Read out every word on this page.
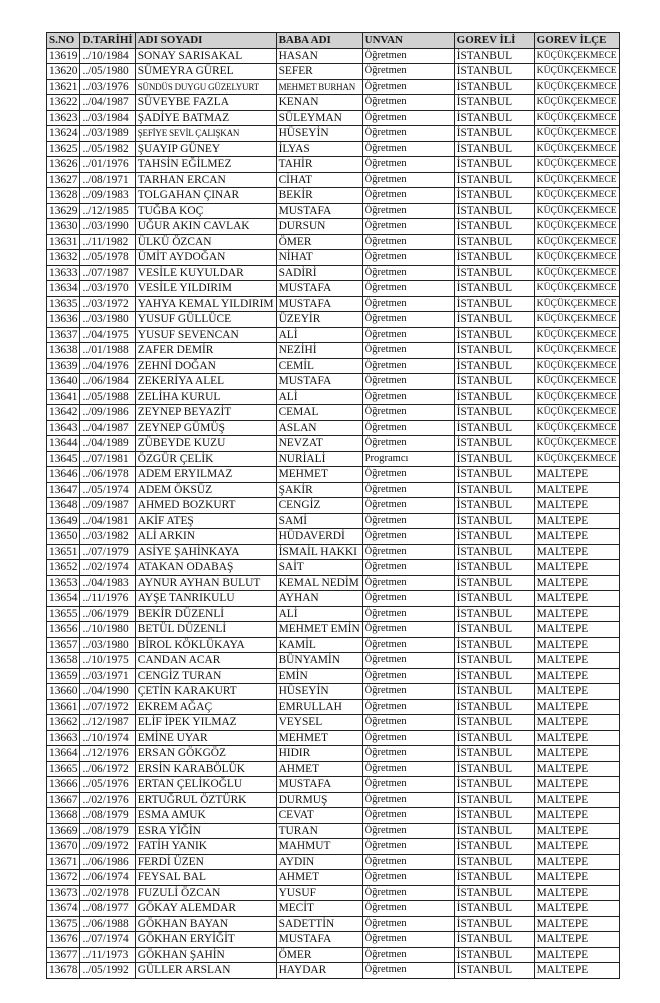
S.NO	D.TARİHİ	ADI SOYADI	BABA ADI	UNVAN	GOREV İLİ	GOREV İLÇE
13619	../10/1984	SONAY SARISAKAL	HASAN	Öğretmen	İSTANBUL	KÜÇÜKÇEKMECE
13620	../05/1980	SÜMEYRA GÜREL	SEFER	Öğretmen	İSTANBUL	KÜÇÜKÇEKMECE
13621	../03/1976	SÜNDÜS DUYGU GÜZELYURT	MEHMET BURHAN	Öğretmen	İSTANBUL	KÜÇÜKÇEKMECE
13622	../04/1987	SÜVEYBE FAZLA	KENAN	Öğretmen	İSTANBUL	KÜÇÜKÇEKMECE
13623	../03/1984	ŞADİYE BATMAZ	SÜLEYMAN	Öğretmen	İSTANBUL	KÜÇÜKÇEKMECE
13624	../03/1989	ŞEFİYE SEVİL ÇALIŞKAN	HÜSEYİN	Öğretmen	İSTANBUL	KÜÇÜKÇEKMECE
13625	../05/1982	ŞUAYIP GÜNEY	İLYAS	Öğretmen	İSTANBUL	KÜÇÜKÇEKMECE
13626	../01/1976	TAHSİN EĞİLMEZ	TAHİR	Öğretmen	İSTANBUL	KÜÇÜKÇEKMECE
13627	../08/1971	TARHAN ERCAN	CİHAT	Öğretmen	İSTANBUL	KÜÇÜKÇEKMECE
13628	../09/1983	TOLGAHAN ÇINAR	BEKİR	Öğretmen	İSTANBUL	KÜÇÜKÇEKMECE
13629	../12/1985	TUĞBA KOÇ	MUSTAFA	Öğretmen	İSTANBUL	KÜÇÜKÇEKMECE
13630	../03/1990	UĞUR AKIN CAVLAK	DURSUN	Öğretmen	İSTANBUL	KÜÇÜKÇEKMECE
13631	../11/1982	ÜLKÜ ÖZCAN	ÖMER	Öğretmen	İSTANBUL	KÜÇÜKÇEKMECE
13632	../05/1978	ÜMİT AYDOĞAN	NİHAT	Öğretmen	İSTANBUL	KÜÇÜKÇEKMECE
13633	../07/1987	VESİLE KUYULDAR	SADİRİ	Öğretmen	İSTANBUL	KÜÇÜKÇEKMECE
13634	../03/1970	VESİLE YILDIRIM	MUSTAFA	Öğretmen	İSTANBUL	KÜÇÜKÇEKMECE
13635	../03/1972	YAHYA KEMAL YILDIRIM	MUSTAFA	Öğretmen	İSTANBUL	KÜÇÜKÇEKMECE
13636	../03/1980	YUSUF GÜLLÜCE	ÜZEYİR	Öğretmen	İSTANBUL	KÜÇÜKÇEKMECE
13637	../04/1975	YUSUF SEVENCAN	ALİ	Öğretmen	İSTANBUL	KÜÇÜKÇEKMECE
13638	../01/1988	ZAFER DEMİR	NEZİHİ	Öğretmen	İSTANBUL	KÜÇÜKÇEKMECE
13639	../04/1976	ZEHNİ DOĞAN	CEMİL	Öğretmen	İSTANBUL	KÜÇÜKÇEKMECE
13640	../06/1984	ZEKERİYA ALEL	MUSTAFA	Öğretmen	İSTANBUL	KÜÇÜKÇEKMECE
13641	../05/1988	ZELİHA KURUL	ALİ	Öğretmen	İSTANBUL	KÜÇÜKÇEKMECE
13642	../09/1986	ZEYNEP BEYAZİT	CEMAL	Öğretmen	İSTANBUL	KÜÇÜKÇEKMECE
13643	../04/1987	ZEYNEP GÜMÜŞ	ASLAN	Öğretmen	İSTANBUL	KÜÇÜKÇEKMECE
13644	../04/1989	ZÜBEYDE KUZU	NEVZAT	Öğretmen	İSTANBUL	KÜÇÜKÇEKMECE
13645	../07/1981	ÖZGÜR ÇELİK	NURİALİ	Programcı	İSTANBUL	KÜÇÜKÇEKMECE
13646	../06/1978	ADEM ERYILMAZ	MEHMET	Öğretmen	İSTANBUL	MALTEPE
13647	../05/1974	ADEM ÖKSÜZ	ŞAKİR	Öğretmen	İSTANBUL	MALTEPE
13648	../09/1987	AHMED BOZKURT	CENGİZ	Öğretmen	İSTANBUL	MALTEPE
13649	../04/1981	AKİF ATEŞ	SAMİ	Öğretmen	İSTANBUL	MALTEPE
13650	../03/1982	ALİ ARKIN	HÜDAVERDİ	Öğretmen	İSTANBUL	MALTEPE
13651	../07/1979	ASİYE ŞAHİNKAYA	İSMAİL HAKKI	Öğretmen	İSTANBUL	MALTEPE
13652	../02/1974	ATAKAN ODABAŞ	SAİT	Öğretmen	İSTANBUL	MALTEPE
13653	../04/1983	AYNUR AYHAN BULUT	KEMAL NEDİM	Öğretmen	İSTANBUL	MALTEPE
13654	../11/1976	AYŞE TANRIKULU	AYHAN	Öğretmen	İSTANBUL	MALTEPE
13655	../06/1979	BEKİR DÜZENLİ	ALİ	Öğretmen	İSTANBUL	MALTEPE
13656	../10/1980	BETÜL DÜZENLİ	MEHMET EMİN	Öğretmen	İSTANBUL	MALTEPE
13657	../03/1980	BİROL KÖKLÜKAYA	KAMİL	Öğretmen	İSTANBUL	MALTEPE
13658	../10/1975	CANDAN ACAR	BÜNYAMİN	Öğretmen	İSTANBUL	MALTEPE
13659	../03/1971	CENGİZ TURAN	EMİN	Öğretmen	İSTANBUL	MALTEPE
13660	../04/1990	ÇETİN KARAKURT	HÜSEYİN	Öğretmen	İSTANBUL	MALTEPE
13661	../07/1972	EKREM AĞAÇ	EMRULLAH	Öğretmen	İSTANBUL	MALTEPE
13662	../12/1987	ELİF İPEK YILMAZ	VEYSEL	Öğretmen	İSTANBUL	MALTEPE
13663	../10/1974	EMİNE UYAR	MEHMET	Öğretmen	İSTANBUL	MALTEPE
13664	../12/1976	ERSAN GÖKGÖZ	HIDIR	Öğretmen	İSTANBUL	MALTEPE
13665	../06/1972	ERSİN KARABÖLÜK	AHMET	Öğretmen	İSTANBUL	MALTEPE
13666	../05/1976	ERTAN ÇELİKOĞLU	MUSTAFA	Öğretmen	İSTANBUL	MALTEPE
13667	../02/1976	ERTUĞRUL ÖZTÜRK	DURMUŞ	Öğretmen	İSTANBUL	MALTEPE
13668	../08/1979	ESMA AMUK	CEVAT	Öğretmen	İSTANBUL	MALTEPE
13669	../08/1979	ESRA YİĞİN	TURAN	Öğretmen	İSTANBUL	MALTEPE
13670	../09/1972	FATİH YANIK	MAHMUT	Öğretmen	İSTANBUL	MALTEPE
13671	../06/1986	FERDİ ÜZEN	AYDIN	Öğretmen	İSTANBUL	MALTEPE
13672	../06/1974	FEYSAL BAL	AHMET	Öğretmen	İSTANBUL	MALTEPE
13673	../02/1978	FUZULİ ÖZCAN	YUSUF	Öğretmen	İSTANBUL	MALTEPE
13674	../08/1977	GÖKAY ALEMDAR	MECİT	Öğretmen	İSTANBUL	MALTEPE
13675	../06/1988	GÖKHAN BAYAN	SADETTİN	Öğretmen	İSTANBUL	MALTEPE
13676	../07/1974	GÖKHAN ERYİĞİT	MUSTAFA	Öğretmen	İSTANBUL	MALTEPE
13677	../11/1973	GÖKHAN ŞAHİN	ÖMER	Öğretmen	İSTANBUL	MALTEPE
13678	../05/1992	GÜLLER ARSLAN	HAYDAR	Öğretmen	İSTANBUL	MALTEPE
